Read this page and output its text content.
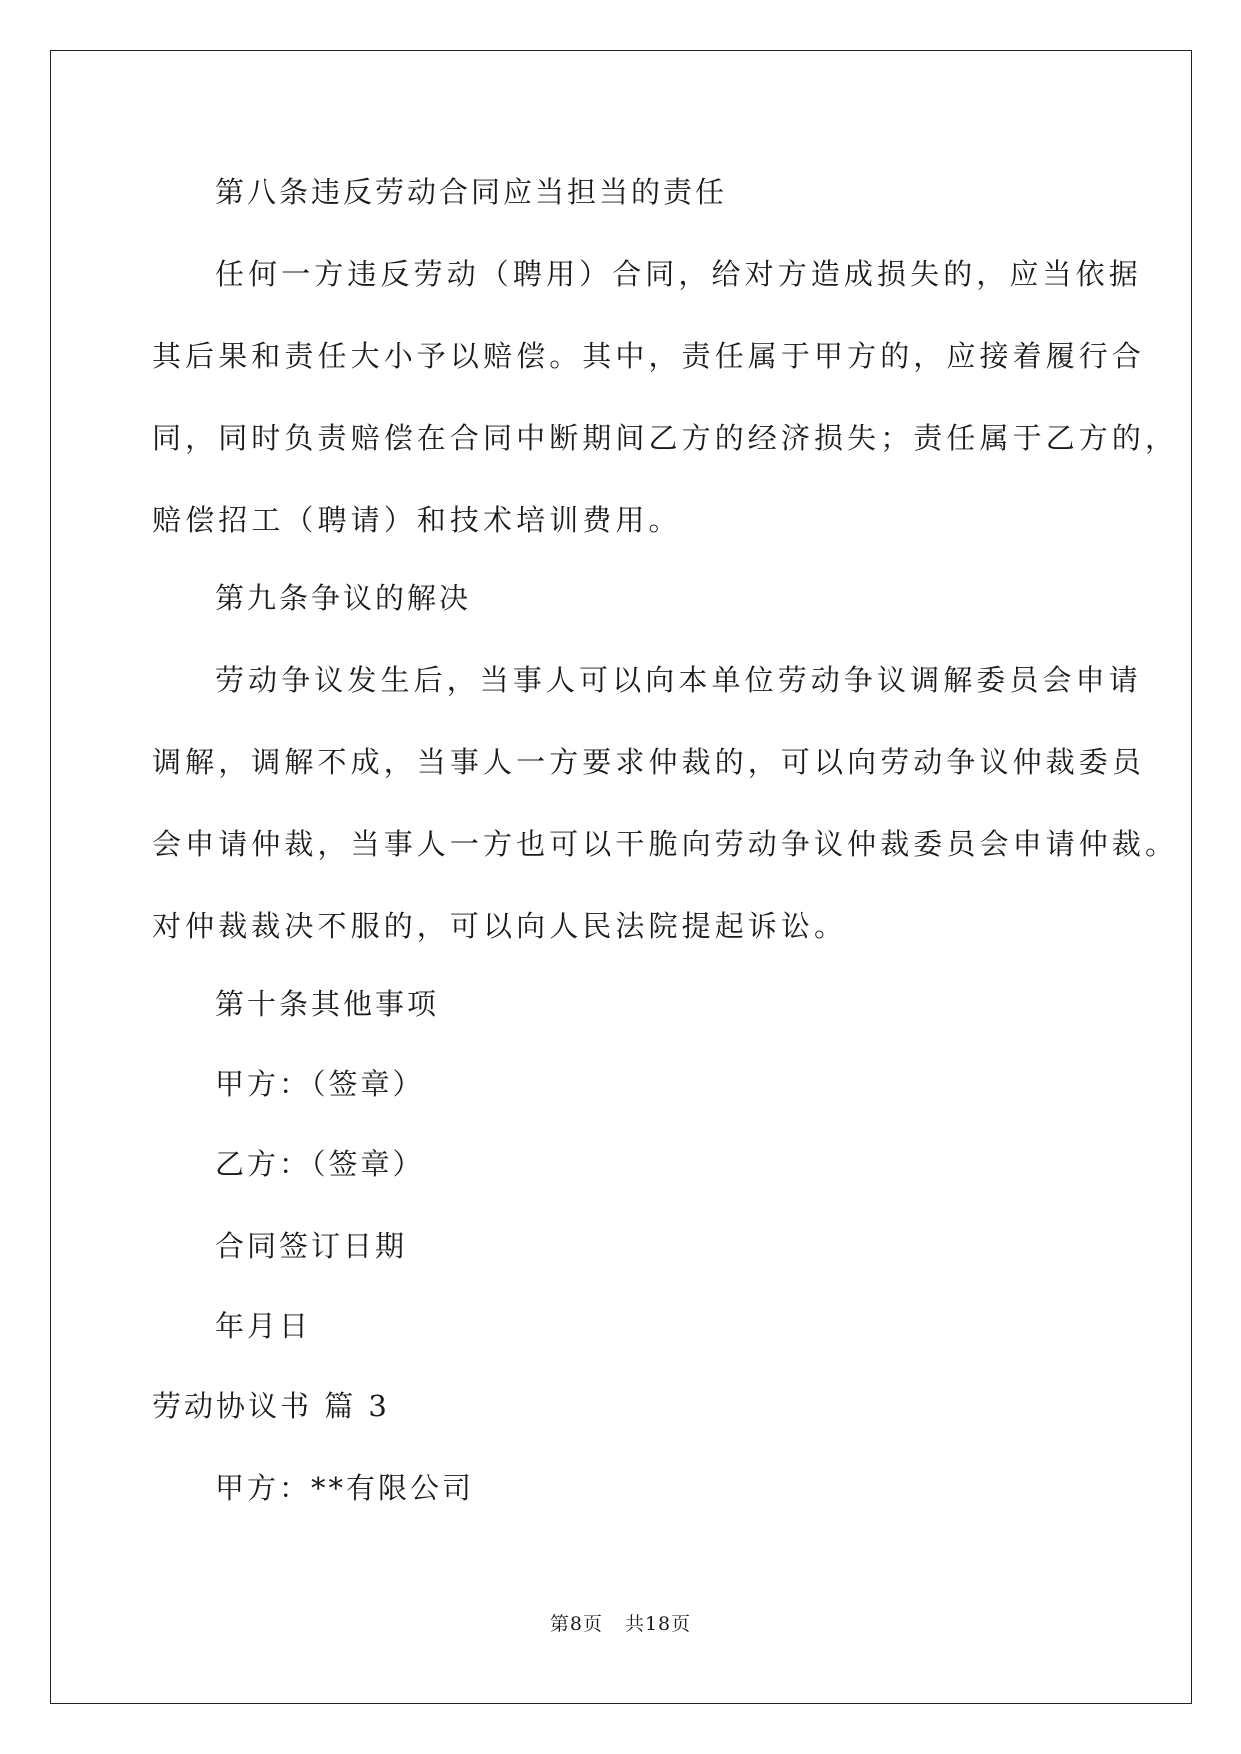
第八条违反劳动合同应当担当的责任
任何一方违反劳动（聘用）合同，给对方造成损失的，应当依据
其后果和责任大小予以赔偿。其中，责任属于甲方的，应接着履行合
同，同时负责赔偿在合同中断期间乙方的经济损失；责任属于乙方的，
赔偿招工（聘请）和技术培训费用。
第九条争议的解决
劳动争议发生后，当事人可以向本单位劳动争议调解委员会申请
调解，调解不成，当事人一方要求仲裁的，可以向劳动争议仲裁委员
会申请仲裁，当事人一方也可以干脆向劳动争议仲裁委员会申请仲裁。
对仲裁裁决不服的，可以向人民法院提起诉讼。
第十条其他事项
甲方：（签章）
乙方：（签章）
合同签订日期
年月日
劳动协议书 篇 3
甲方：**有限公司
第8页 共18页
